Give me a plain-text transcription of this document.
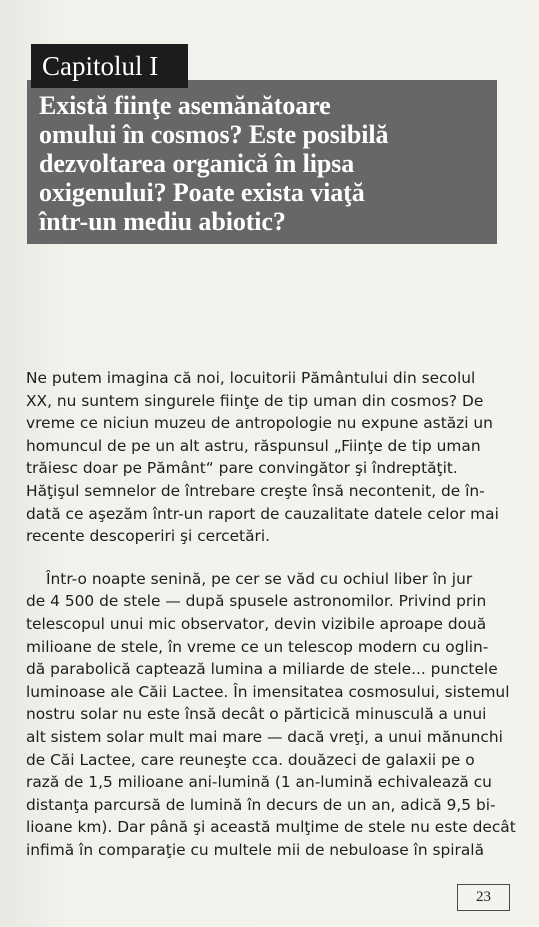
Capitolul I
Există fiinţe asemănătoare
omului în cosmos? Este posibilă
dezvoltarea organică în lipsa
oxigenului? Poate exista viaţă
într-un mediu abiotic?

Ne putem imagina că noi, locuitorii Pământului din secolul
XX, nu suntem singurele fiinţe de tip uman din cosmos? De
vreme ce niciun muzeu de antropologie nu expune astăzi un
homuncul de pe un alt astru, răspunsul „Fiinţe de tip uman
trăiesc doar pe Pământ“ pare convingător şi îndreptăţit.
Hăţişul semnelor de întrebare creşte însă necontenit, de în-
dată ce aşezăm într-un raport de cauzalitate datele celor mai
recente descoperiri şi cercetări.

Într-o noapte senină, pe cer se văd cu ochiul liber în jur
de 4 500 de stele — după spusele astronomilor. Privind prin
telescopul unui mic observator, devin vizibile aproape două
milioane de stele, în vreme ce un telescop modern cu oglin-
dă parabolică captează lumina a miliarde de stele... punctele
luminoase ale Căii Lactee. În imensitatea cosmosului, sistemul
nostru solar nu este însă decât o părticică minusculă a unui
alt sistem solar mult mai mare — dacă vreţi, a unui mănunchi
de Căi Lactee, care reuneşte cca. douăzeci de galaxii pe o
rază de 1,5 milioane ani-lumină (1 an-lumină echivalează cu
distanţa parcursă de lumină în decurs de un an, adică 9,5 bi-
lioane km). Dar până şi această mulţime de stele nu este decât
infimă în comparaţie cu multele mii de nebuloase în spirală

23
